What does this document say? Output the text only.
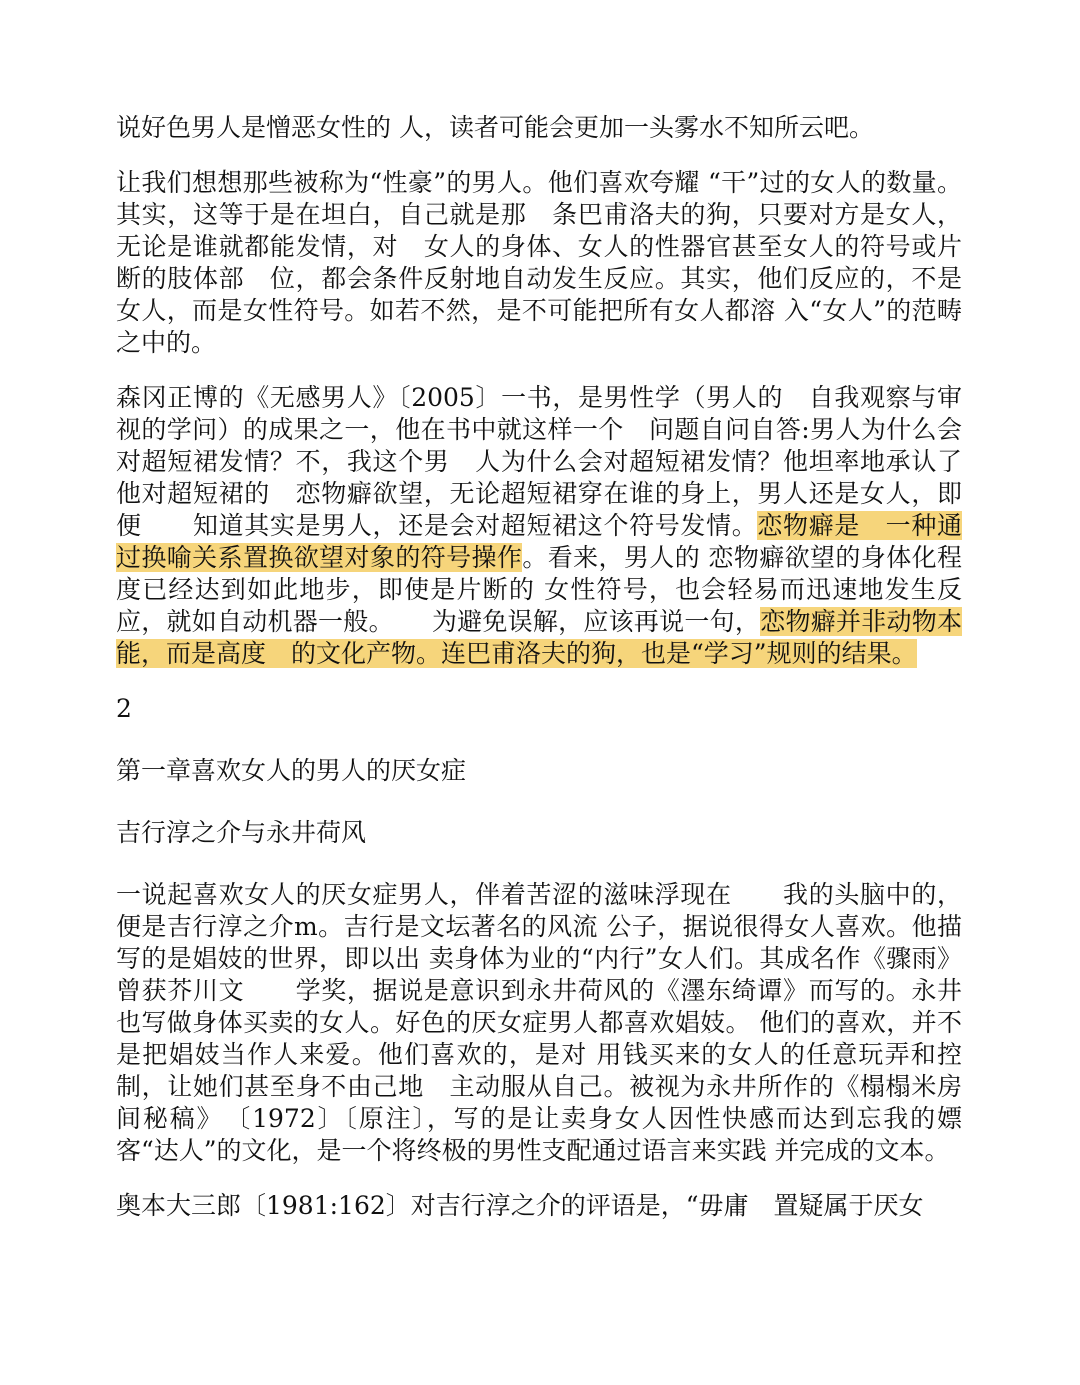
说好色男人是憎恶女性的 人，读者可能会更加一头雾水不知所云吧。

让我们想想那些被称为“性豪”的男人。他们喜欢夸耀 “干”过的女人的数量。其实，这等于是在坦白，自己就是那　条巴甫洛夫的狗，只要对方是女人，无论是谁就都能发情，对　女人的身体、女人的性器官甚至女人的符号或片断的肢体部　位，都会条件反射地自动发生反应。其实，他们反应的，不是　女人，而是女性符号。如若不然，是不可能把所有女人都溶 入“女人”的范畴之中的。

森冈正博的《无感男人》〔2005〕一书，是男性学（男人的　自我观察与审视的学问）的成果之一，他在书中就这样一个　问题自问自答:男人为什么会对超短裙发情？不，我这个男　人为什么会对超短裙发情？他坦率地承认了他对超短裙的　恋物癖欲望，无论超短裙穿在谁的身上，男人还是女人，即便　　知道其实是男人，还是会对超短裙这个符号发情。恋物癖是　一种通过换喻关系置换欲望对象的符号操作。看来，男人的 恋物癖欲望的身体化程度已经达到如此地步，即使是片断的 女性符号，也会轻易而迅速地发生反应，就如自动机器一般。　　为避免误解，应该再说一句，恋物癖并非动物本能，而是高度　的文化产物。连巴甫洛夫的狗，也是“学习”规则的结果。

2

第一章喜欢女人的男人的厌女症

吉行淳之介与永井荷风

一说起喜欢女人的厌女症男人，伴着苦涩的滋味浮现在　　我的头脑中的，便是吉行淳之介m。吉行是文坛著名的风流 公子，据说很得女人喜欢。他描写的是娼妓的世界，即以出 卖身体为业的“内行”女人们。其成名作《骤雨》曾获芥川文　　学奖，据说是意识到永井荷风的《濹东绮谭》而写的。永井　也写做身体买卖的女人。好色的厌女症男人都喜欢娼妓。 他们的喜欢，并不是把娼妓当作人来爱。他们喜欢的，是对 用钱买来的女人的任意玩弄和控制，让她们甚至身不由己地　主动服从自己。被视为永井所作的《榻榻米房间秘稿》　〔1972〕〔原注〕，写的是让卖身女人因性快感而达到忘我的嫖 客“达人”的文化，是一个将终极的男性支配通过语言来实践 并完成的文本。

奥本大三郎〔1981:162〕对吉行淳之介的评语是，“毋庸　置疑属于厌女
